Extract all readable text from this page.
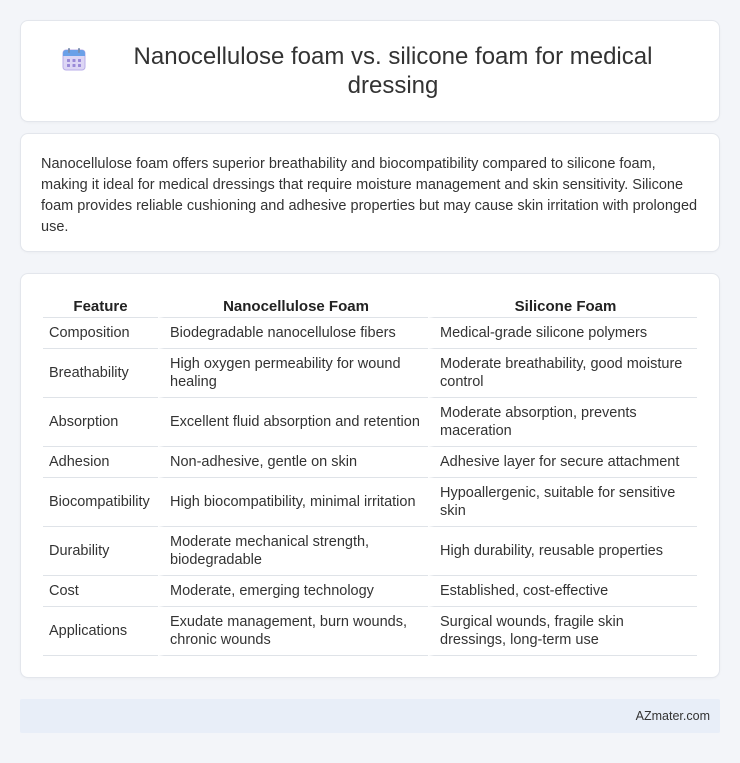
Nanocellulose foam vs. silicone foam for medical dressing

Nanocellulose foam offers superior breathability and biocompatibility compared to silicone foam, making it ideal for medical dressings that require moisture management and skin sensitivity. Silicone foam provides reliable cushioning and adhesive properties but may cause skin irritation with prolonged use.

Feature	Nanocellulose Foam	Silicone Foam
Composition	Biodegradable nanocellulose fibers	Medical-grade silicone polymers
Breathability	High oxygen permeability for wound healing	Moderate breathability, good moisture control
Absorption	Excellent fluid absorption and retention	Moderate absorption, prevents maceration
Adhesion	Non-adhesive, gentle on skin	Adhesive layer for secure attachment
Biocompatibility	High biocompatibility, minimal irritation	Hypoallergenic, suitable for sensitive skin
Durability	Moderate mechanical strength, biodegradable	High durability, reusable properties
Cost	Moderate, emerging technology	Established, cost-effective
Applications	Exudate management, burn wounds, chronic wounds	Surgical wounds, fragile skin dressings, long-term use
AZmater.com
